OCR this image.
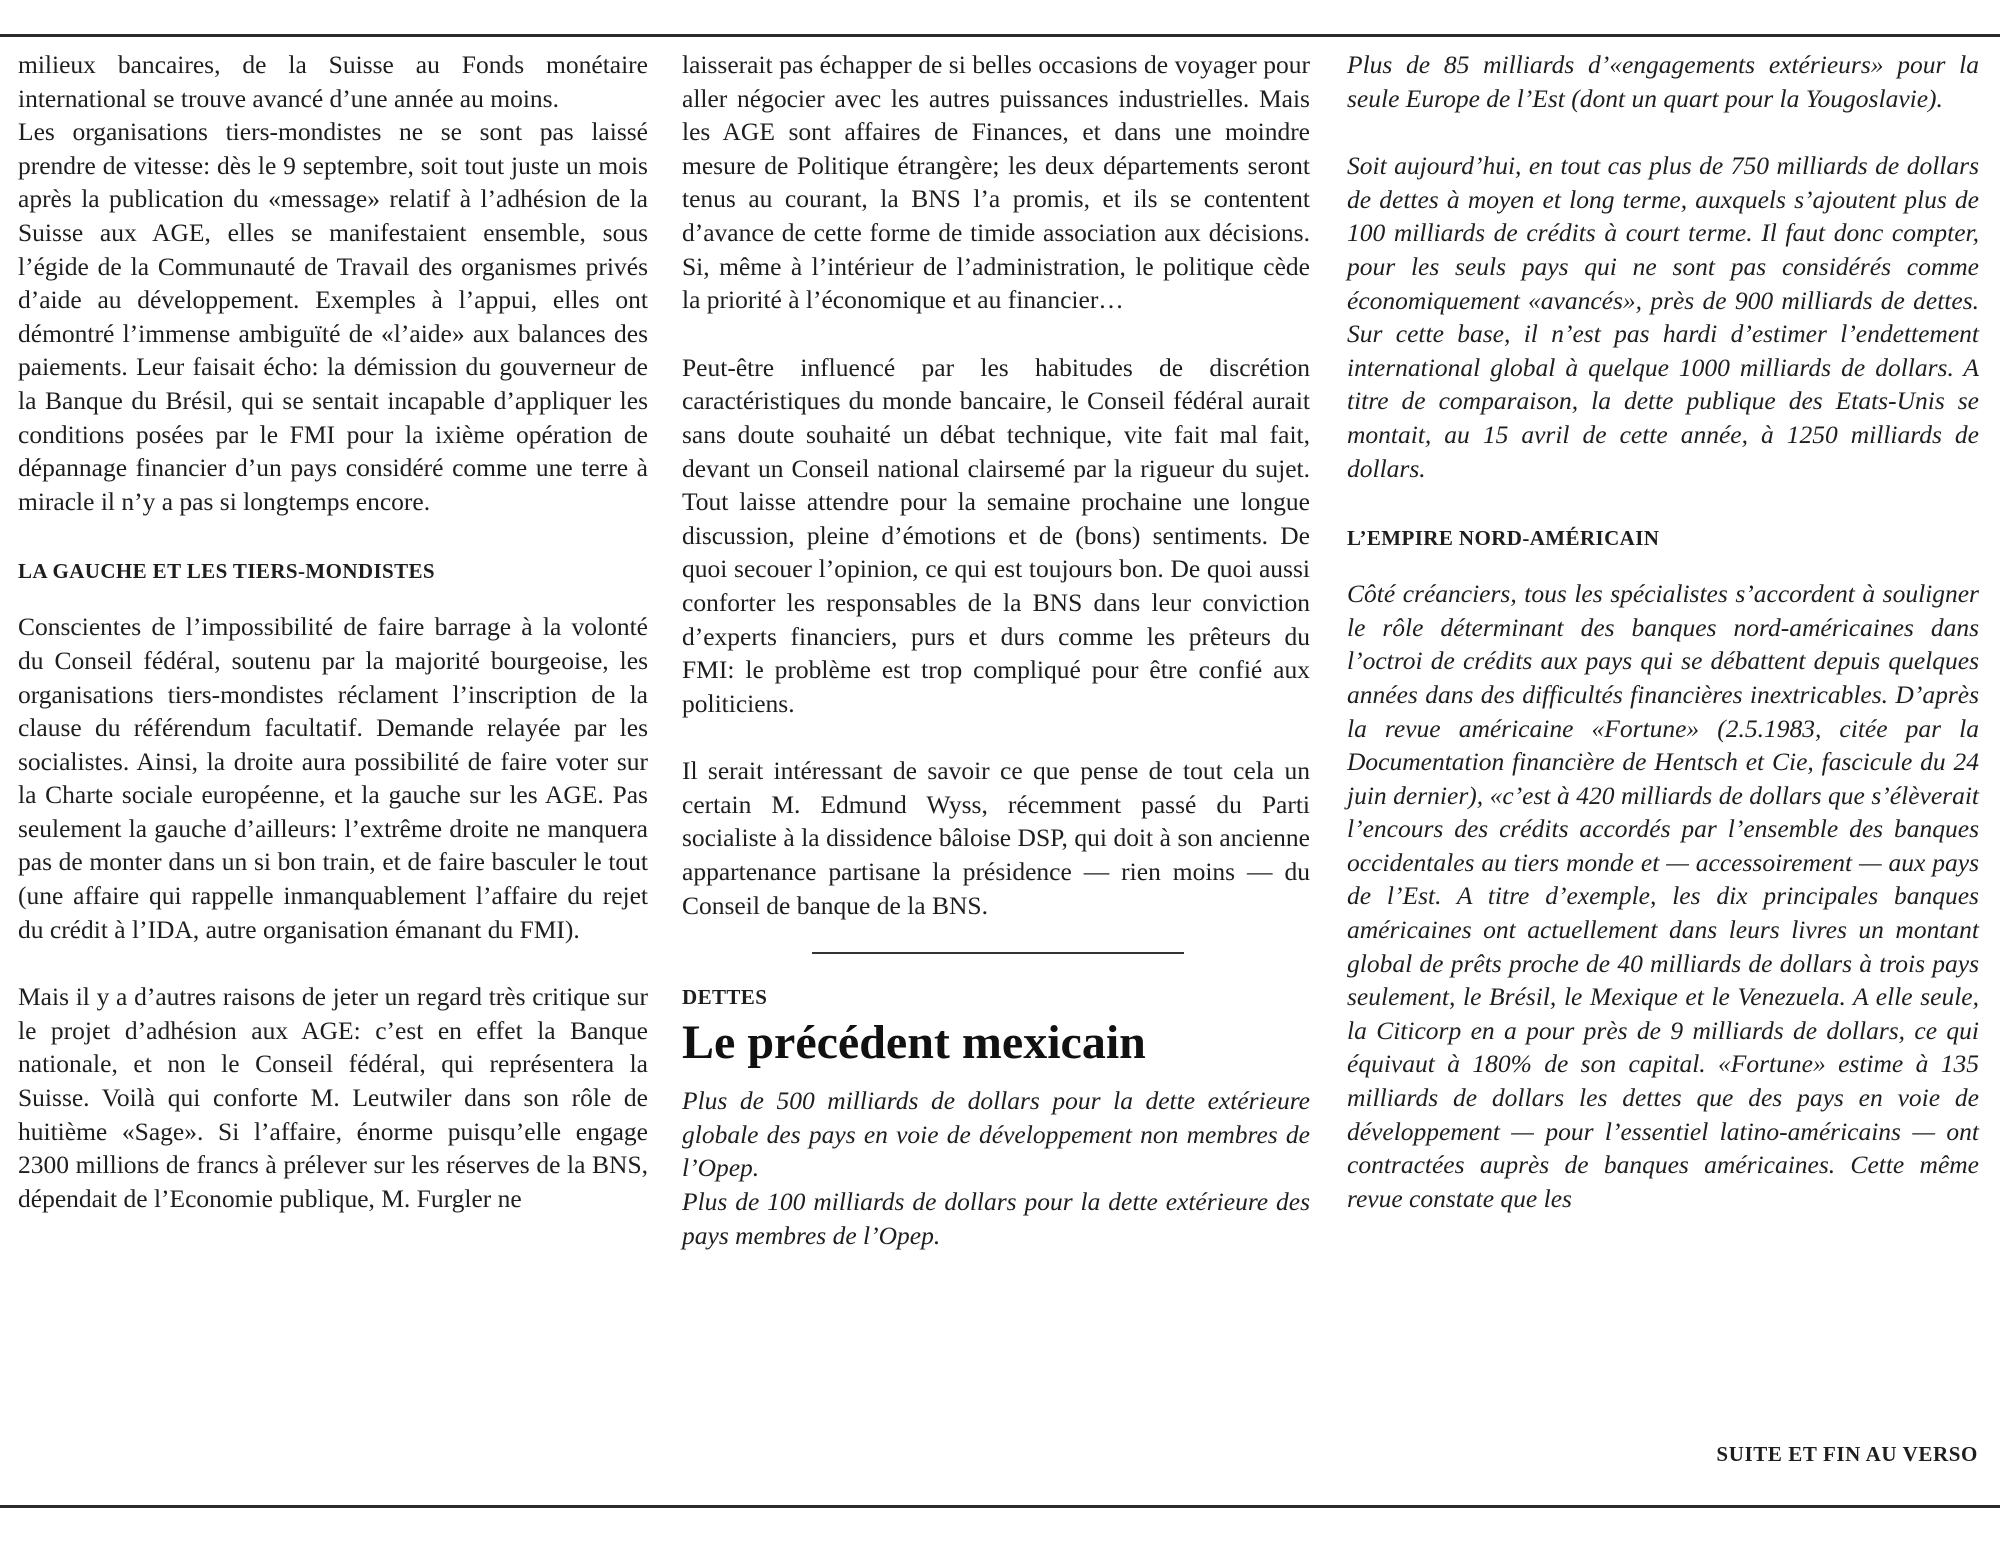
milieux bancaires, de la Suisse au Fonds monétaire international se trouve avancé d’une année au moins.

Les organisations tiers-mondistes ne se sont pas laissé prendre de vitesse: dès le 9 septembre, soit tout juste un mois après la publication du «message» relatif à l’adhésion de la Suisse aux AGE, elles se manifestaient ensemble, sous l’égide de la Communauté de Travail des organismes privés d’aide au développement. Exemples à l’appui, elles ont démontré l’immense ambiguïté de «l’aide» aux balances des paiements. Leur faisait écho: la démission du gouverneur de la Banque du Brésil, qui se sentait incapable d’appliquer les conditions posées par le FMI pour la ixième opération de dépannage financier d’un pays considéré comme une terre à miracle il n’y a pas si longtemps encore.

LA GAUCHE ET LES TIERS-MONDISTES

Conscientes de l’impossibilité de faire barrage à la volonté du Conseil fédéral, soutenu par la majorité bourgeoise, les organisations tiers-mondistes réclament l’inscription de la clause du référendum facultatif. Demande relayée par les socialistes. Ainsi, la droite aura possibilité de faire voter sur la Charte sociale européenne, et la gauche sur les AGE. Pas seulement la gauche d’ailleurs: l’extrême droite ne manquera pas de monter dans un si bon train, et de faire basculer le tout (une affaire qui rappelle inmanquablement l’affaire du rejet du crédit à l’IDA, autre organisation émanant du FMI).

Mais il y a d’autres raisons de jeter un regard très critique sur le projet d’adhésion aux AGE: c’est en effet la Banque nationale, et non le Conseil fédéral, qui représentera la Suisse. Voilà qui conforte M. Leutwiler dans son rôle de huitième «Sage». Si l’affaire, énorme puisqu’elle engage 2300 millions de francs à prélever sur les réserves de la BNS, dépendait de l’Economie publique, M. Furgler ne

laisserait pas échapper de si belles occasions de voyager pour aller négocier avec les autres puissances industrielles. Mais les AGE sont affaires de Finances, et dans une moindre mesure de Politique étrangère; les deux départements seront tenus au courant, la BNS l’a promis, et ils se contentent d’avance de cette forme de timide association aux décisions. Si, même à l’intérieur de l’administration, le politique cède la priorité à l’économique et au financier…

Peut-être influencé par les habitudes de discrétion caractéristiques du monde bancaire, le Conseil fédéral aurait sans doute souhaité un débat technique, vite fait mal fait, devant un Conseil national clairsemé par la rigueur du sujet. Tout laisse attendre pour la semaine prochaine une longue discussion, pleine d’émotions et de (bons) sentiments. De quoi secouer l’opinion, ce qui est toujours bon. De quoi aussi conforter les responsables de la BNS dans leur conviction d’experts financiers, purs et durs comme les prêteurs du FMI: le problème est trop compliqué pour être confié aux politiciens.

Il serait intéressant de savoir ce que pense de tout cela un certain M. Edmund Wyss, récemment passé du Parti socialiste à la dissidence bâloise DSP, qui doit à son ancienne appartenance partisane la présidence — rien moins — du Conseil de banque de la BNS.

DETTES
Le précédent mexicain

Plus de 500 milliards de dollars pour la dette extérieure globale des pays en voie de développement non membres de l’Opep.

Plus de 100 milliards de dollars pour la dette extérieure des pays membres de l’Opep.

Plus de 85 milliards d’«engagements extérieurs» pour la seule Europe de l’Est (dont un quart pour la Yougoslavie).

Soit aujourd’hui, en tout cas plus de 750 milliards de dollars de dettes à moyen et long terme, auxquels s’ajoutent plus de 100 milliards de crédits à court terme. Il faut donc compter, pour les seuls pays qui ne sont pas considérés comme économiquement «avancés», près de 900 milliards de dettes. Sur cette base, il n’est pas hardi d’estimer l’endettement international global à quelque 1000 milliards de dollars. A titre de comparaison, la dette publique des Etats-Unis se montait, au 15 avril de cette année, à 1250 milliards de dollars.

L’EMPIRE NORD-AMÉRICAIN

Côté créanciers, tous les spécialistes s’accordent à souligner le rôle déterminant des banques nord-américaines dans l’octroi de crédits aux pays qui se débattent depuis quelques années dans des difficultés financières inextricables. D’après la revue américaine «Fortune» (2.5.1983, citée par la Documentation financière de Hentsch et Cie, fascicule du 24 juin dernier), «c’est à 420 milliards de dollars que s’élèverait l’encours des crédits accordés par l’ensemble des banques occidentales au tiers monde et — accessoirement — aux pays de l’Est. A titre d’exemple, les dix principales banques américaines ont actuellement dans leurs livres un montant global de prêts proche de 40 milliards de dollars à trois pays seulement, le Brésil, le Mexique et le Venezuela. A elle seule, la Citicorp en a pour près de 9 milliards de dollars, ce qui équivaut à 180% de son capital. «Fortune» estime à 135 milliards de dollars les dettes que des pays en voie de développement — pour l’essentiel latino-américains — ont contractées auprès de banques américaines. Cette même revue constate que les

SUITE ET FIN AU VERSO
